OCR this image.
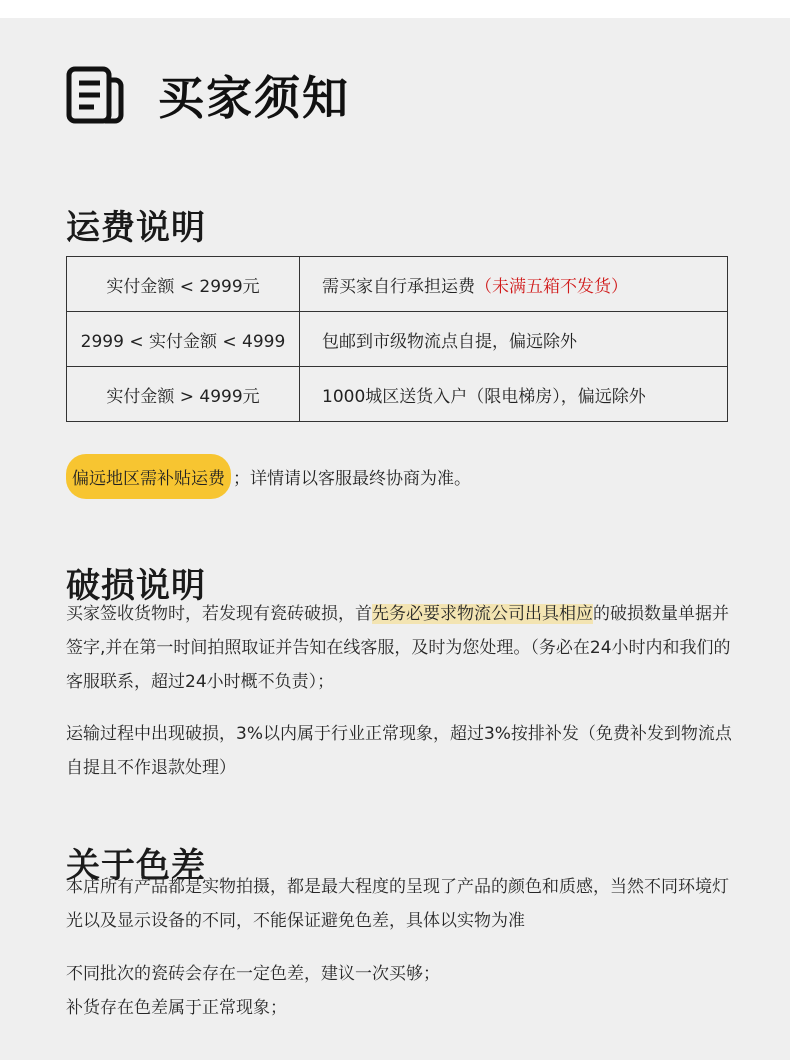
买家须知
运费说明
实付金额 < 2999元	需买家自行承担运费（未满五箱不发货）
2999 < 实付金额 < 4999	包邮到市级物流点自提，偏远除外
实付金额 > 4999元	1000城区送货入户（限电梯房），偏远除外
偏远地区需补贴运费 ；详情请以客服最终协商为准。
破损说明
买家签收货物时，若发现有瓷砖破损，首先务必要求物流公司出具相应的破损数量单据并签字,并在第一时间拍照取证并告知在线客服，及时为您处理。（务必在24小时内和我们的客服联系，超过24小时概不负责）；
运输过程中出现破损，3%以内属于行业正常现象，超过3%按排补发（免费补发到物流点自提且不作退款处理）
关于色差
本店所有产品都是实物拍摄，都是最大程度的呈现了产品的颜色和质感，当然不同环境灯光以及显示设备的不同，不能保证避免色差，具体以实物为准
不同批次的瓷砖会存在一定色差，建议一次买够；
补货存在色差属于正常现象；
